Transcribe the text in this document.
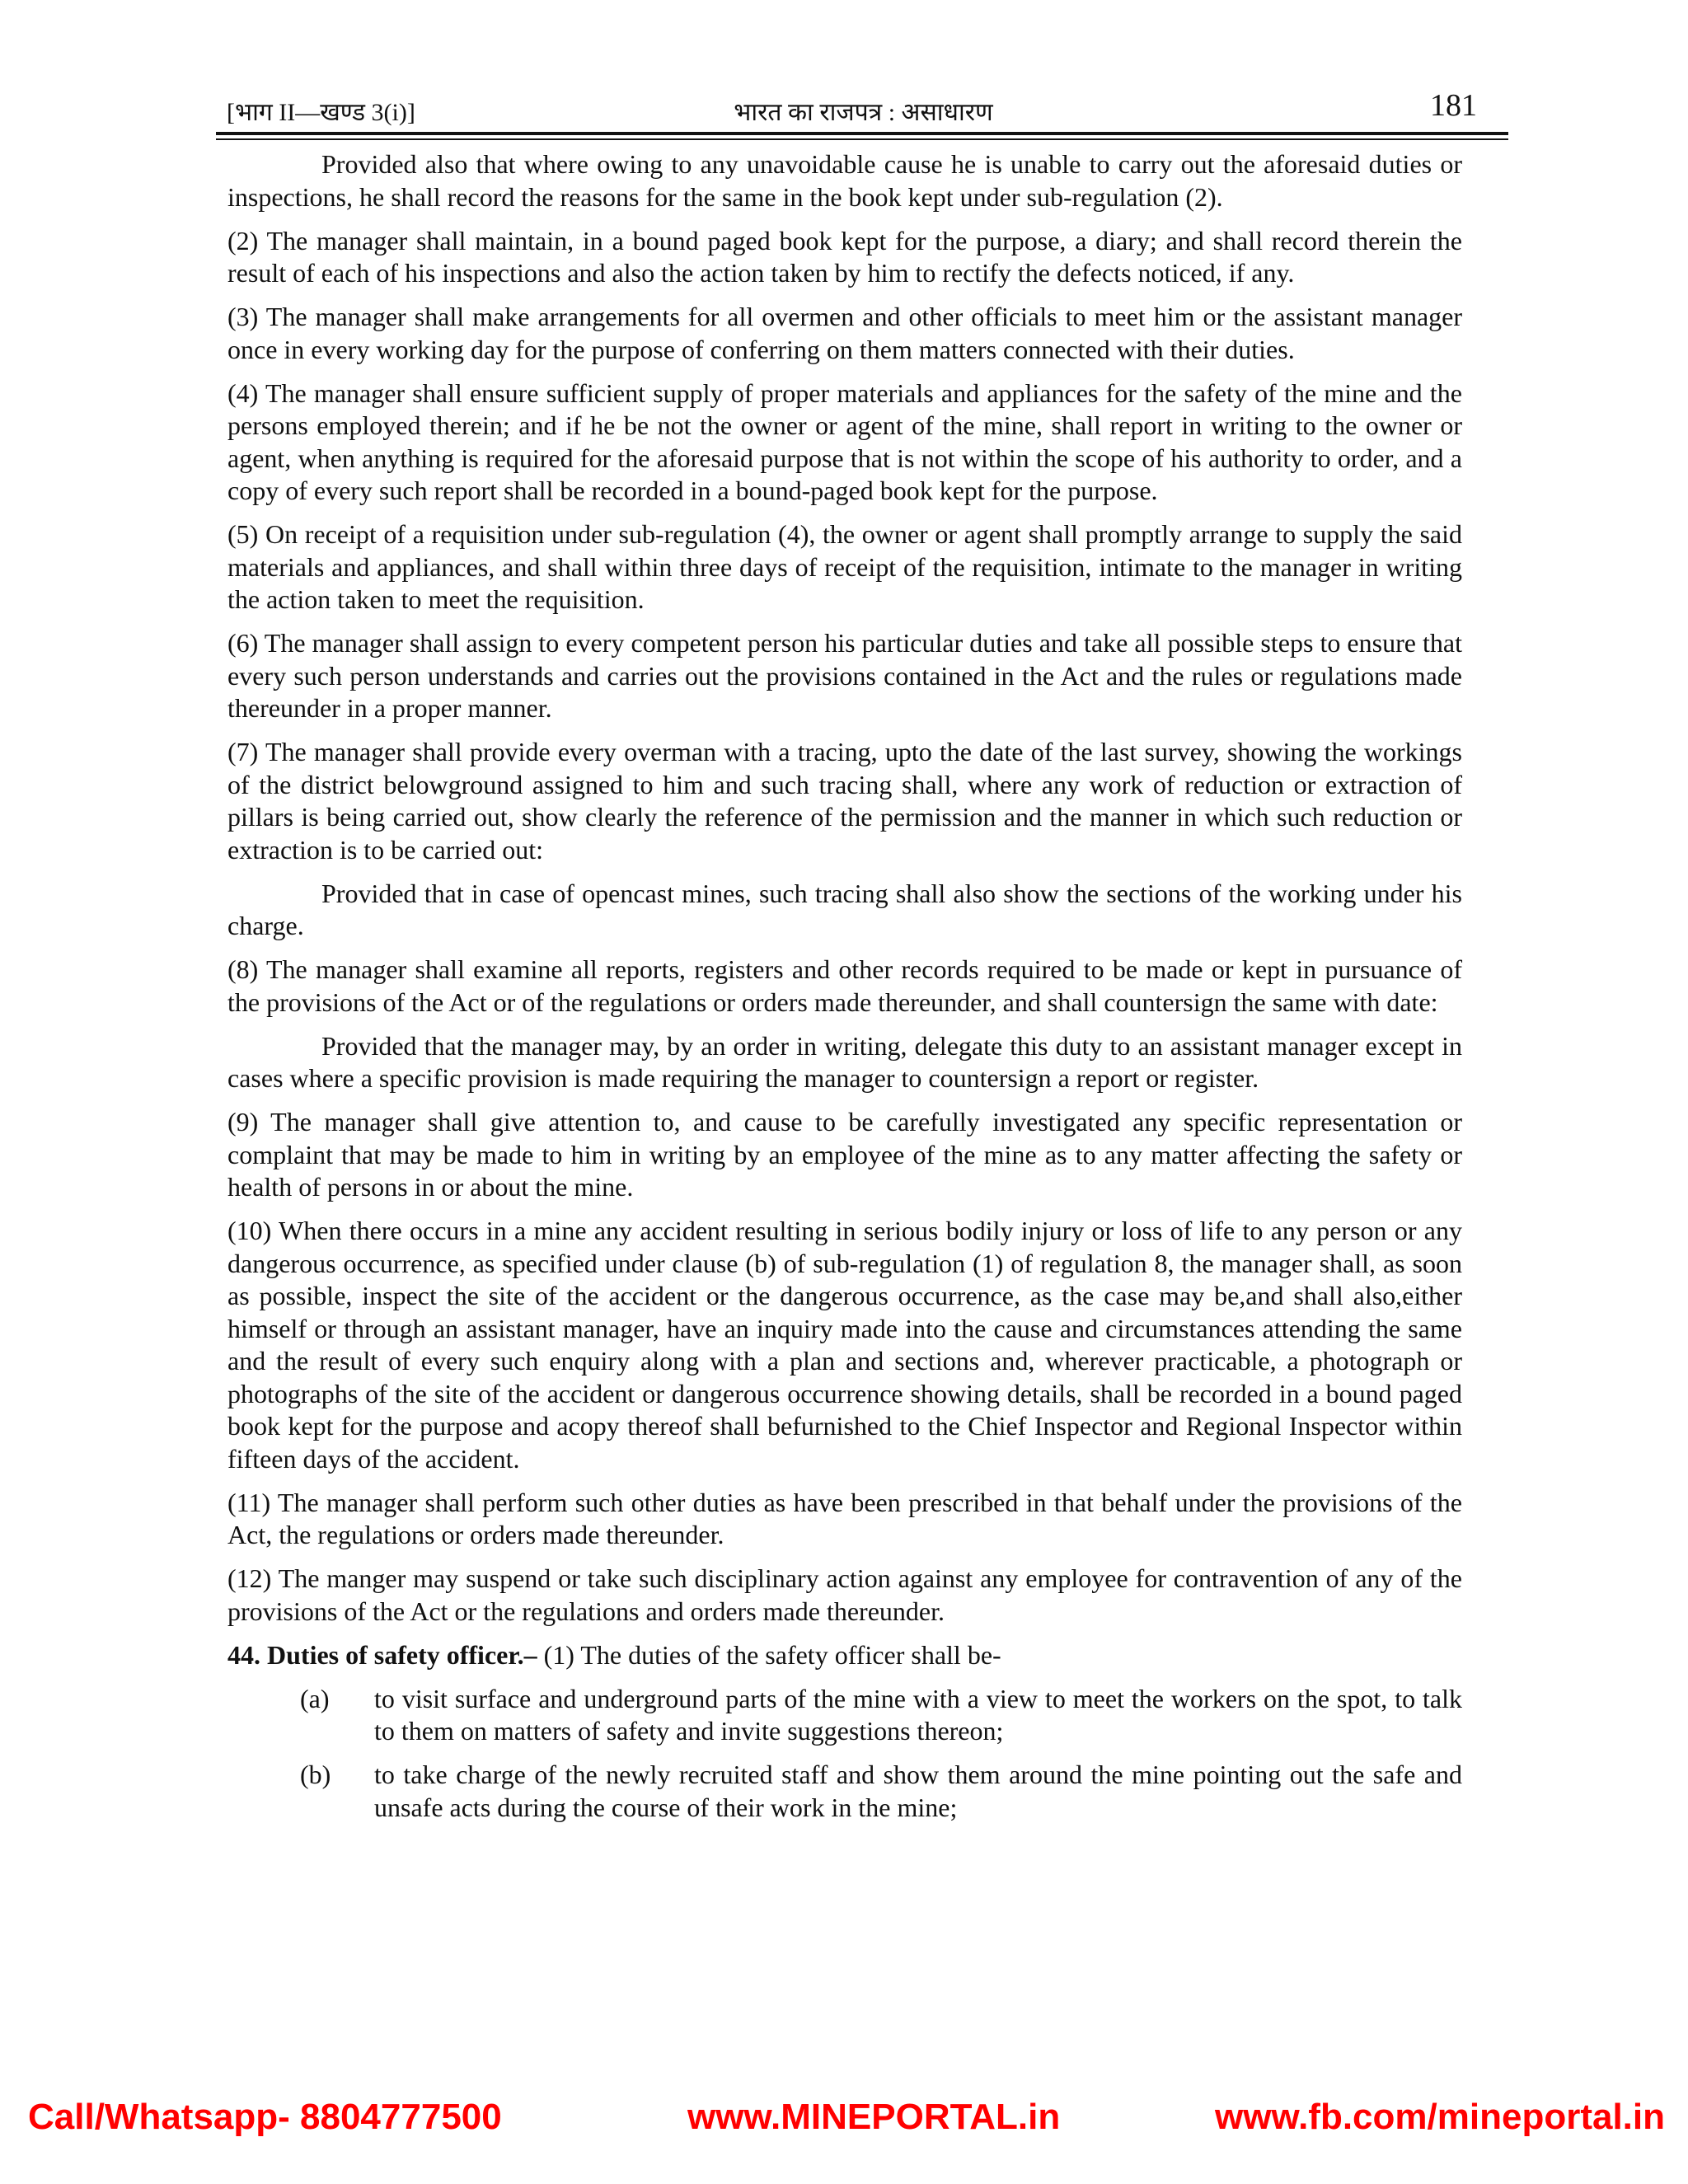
[भाग II—खण्ड 3(i)]	भारत का राजपत्र : असाधारण	181

Provided also that where owing to any unavoidable cause he is unable to carry out the aforesaid duties or inspections, he shall record the reasons for the same in the book kept under sub-regulation (2).

(2) The manager shall maintain, in a bound paged book kept for the purpose, a diary; and shall record therein the result of each of his inspections and also the action taken by him to rectify the defects noticed, if any.

(3) The manager shall make arrangements for all overmen and other officials to meet him or the assistant manager once in every working day for the purpose of conferring on them matters connected with their duties.

(4) The manager shall ensure sufficient supply of proper materials and appliances for the safety of the mine and the persons employed therein; and if he be not the owner or agent of the mine, shall report in writing to the owner or agent, when anything is required for the aforesaid purpose that is not within the scope of his authority to order, and a copy of every such report shall be recorded in a bound-paged book kept for the purpose.

(5) On receipt of a requisition under sub-regulation (4), the owner or agent shall promptly arrange to supply the said materials and appliances, and shall within three days of receipt of the requisition, intimate to the manager in writing the action taken to meet the requisition.

(6) The manager shall assign to every competent person his particular duties and take all possible steps to ensure that every such person understands and carries out the provisions contained in the Act and the rules or regulations made thereunder in a proper manner.

(7) The manager shall provide every overman with a tracing, upto the date of the last survey, showing the workings of the district belowground assigned to him and such tracing shall, where any work of reduction or extraction of pillars is being carried out, show clearly the reference of the permission and the manner in which such reduction or extraction is to be carried out:

Provided that in case of opencast mines, such tracing shall also show the sections of the working under his charge.

(8) The manager shall examine all reports, registers and other records required to be made or kept in pursuance of the provisions of the Act or of the regulations or orders made thereunder, and shall countersign the same with date:

Provided that the manager may, by an order in writing, delegate this duty to an assistant manager except in cases where a specific provision is made requiring the manager to countersign a report or register.

(9) The manager shall give attention to, and cause to be carefully investigated any specific representation or complaint that may be made to him in writing by an employee of the mine as to any matter affecting the safety or health of persons in or about the mine.

(10) When there occurs in a mine any accident resulting in serious bodily injury or loss of life to any person or any dangerous occurrence, as specified under clause (b) of sub-regulation (1) of regulation 8, the manager shall, as soon as possible, inspect the site of the accident or the dangerous occurrence, as the case may be,and shall also,either himself or through an assistant manager, have an inquiry made into the cause and circumstances attending the same and the result of every such enquiry along with a plan and sections and, wherever practicable, a photograph or photographs of the site of the accident or dangerous occurrence showing details, shall be recorded in a bound paged book kept for the purpose and acopy thereof shall befurnished to the Chief Inspector and Regional Inspector within fifteen days of the accident.

(11) The manager shall perform such other duties as have been prescribed in that behalf under the provisions of the Act, the regulations or orders made thereunder.

(12) The manger may suspend or take such disciplinary action against any employee for contravention of any of the provisions of the Act or the regulations and orders made thereunder.

44. Duties of safety officer.– (1) The duties of the safety officer shall be-

(a) to visit surface and underground parts of the mine with a view to meet the workers on the spot, to talk to them on matters of safety and invite suggestions thereon;
(b) to take charge of the newly recruited staff and show them around the mine pointing out the safe and unsafe acts during the course of their work in the mine;
Call/Whatsapp- 8804777500	www.MINEPORTAL.in	www.fb.com/mineportal.in
